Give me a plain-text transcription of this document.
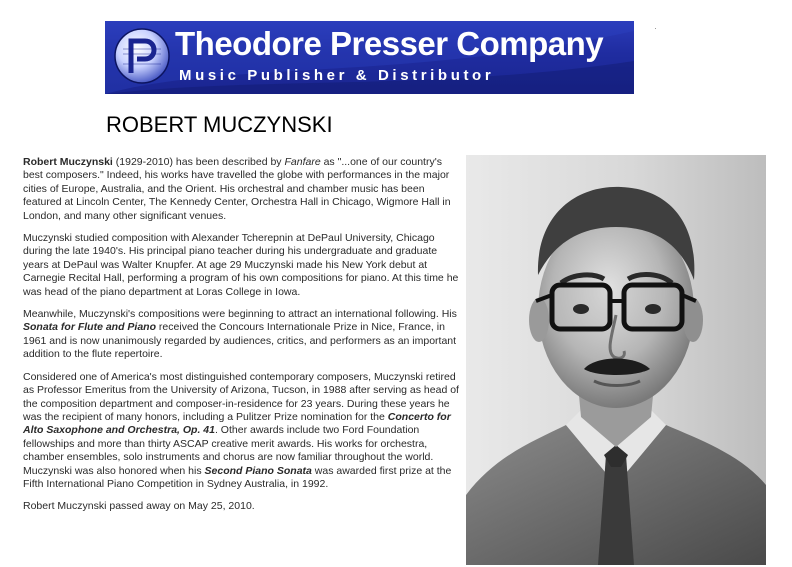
Theodore Presser Company

Music Publisher & Distributor

ROBERT MUCZYNSKI

Robert Muczynski (1929-2010) has been described by Fanfare as "...one of our country's best composers." Indeed, his works have travelled the globe with performances in the major cities of Europe, Australia, and the Orient. His orchestral and chamber music has been featured at Lincoln Center, The Kennedy Center, Orchestra Hall in Chicago, Wigmore Hall in London, and many other significant venues.

Muczynski studied composition with Alexander Tcherepnin at DePaul University, Chicago during the late 1940's. His principal piano teacher during his undergraduate and graduate years at DePaul was Walter Knupfer. At age 29 Muczynski made his New York debut at Carnegie Recital Hall, performing a program of his own compositions for piano. At this time he was head of the piano department at Loras College in Iowa.

Meanwhile, Muczynski's compositions were beginning to attract an international following. His Sonata for Flute and Piano received the Concours Internationale Prize in Nice, France, in 1961 and is now unanimously regarded by audiences, critics, and performers as an important addition to the flute repertoire.

Considered one of America's most distinguished contemporary composers, Muczynski retired as Professor Emeritus from the University of Arizona, Tucson, in 1988 after serving as head of the composition department and composer-in-residence for 23 years. During these years he was the recipient of many honors, including a Pulitzer Prize nomination for the Concerto for Alto Saxophone and Orchestra, Op. 41. Other awards include two Ford Foundation fellowships and more than thirty ASCAP creative merit awards. His works for orchestra, chamber ensembles, solo instruments and chorus are now familiar throughout the world. Muczynski was also honored when his Second Piano Sonata was awarded first prize at the Fifth International Piano Competition in Sydney Australia, in 1992.

Robert Muczynski passed away on May 25, 2010.
